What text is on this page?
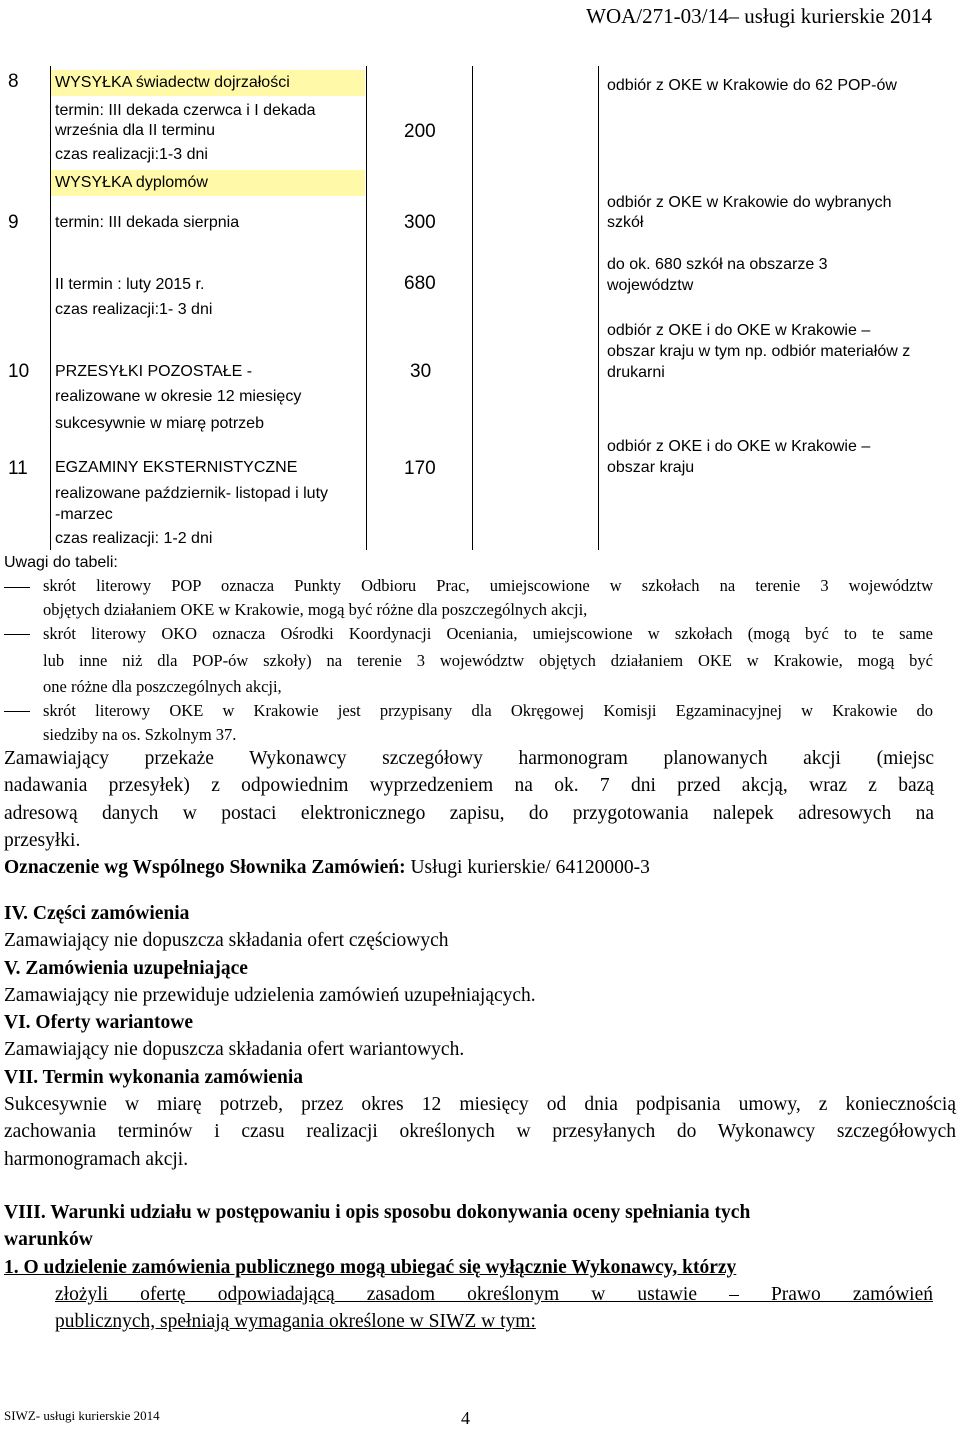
WOA/271-03/14– usługi kurierskie 2014
8 WYSYŁKA świadectw dojrzałości
termin: III dekada czerwca i I dekada
września dla II terminu
czas realizacji:1-3 dni
200
odbiór z OKE w Krakowie do 62 POP-ów
9
WYSYŁKA dyplomów
termin: III dekada sierpnia
II termin : luty 2015 r.
czas realizacji:1- 3 dni
300
680
odbiór z OKE w Krakowie do wybranych
szkół
do ok. 680 szkół na obszarze 3
województw
10 PRZESYŁKI POZOSTAŁE -
realizowane w okresie 12 miesięcy
sukcesywnie w miarę potrzeb
30
odbiór z OKE i do OKE w Krakowie –
obszar kraju w tym np. odbiór materiałów z
drukarni
11 EGZAMINY EKSTERNISTYCZNE
realizowane październik- listopad i luty
-marzec
czas realizacji: 1-2 dni
170
odbiór z OKE i do OKE w Krakowie –
obszar kraju
Uwagi do tabeli:
skrót literowy POP oznacza Punkty Odbioru Prac, umiejscowione w szkołach na terenie 3 województw
objętych działaniem OKE w Krakowie, mogą być różne dla poszczególnych akcji,
skrót literowy OKO oznacza Ośrodki Koordynacji Oceniania, umiejscowione w szkołach (mogą być to te same
lub inne niż dla POP-ów szkoły) na terenie 3 województw objętych działaniem OKE w Krakowie, mogą być
one różne dla poszczególnych akcji,
skrót literowy OKE w Krakowie jest przypisany dla Okręgowej Komisji Egzaminacyjnej w Krakowie do
siedziby na os. Szkolnym 37.
Zamawiający przekaże Wykonawcy szczegółowy harmonogram planowanych akcji (miejsc
nadawania przesyłek) z odpowiednim wyprzedzeniem na ok. 7 dni przed akcją, wraz z bazą
adresową danych w postaci elektronicznego zapisu, do przygotowania nalepek adresowych na
przesyłki.
Oznaczenie wg Wspólnego Słownika Zamówień: Usługi kurierskie/ 64120000-3
IV. Części zamówienia
Zamawiający nie dopuszcza składania ofert częściowych
V. Zamówienia uzupełniające
Zamawiający nie przewiduje udzielenia zamówień uzupełniających.
VI. Oferty wariantowe
Zamawiający nie dopuszcza składania ofert wariantowych.
VII. Termin wykonania zamówienia
Sukcesywnie w miarę potrzeb, przez okres 12 miesięcy od dnia podpisania umowy, z koniecznością
zachowania terminów i czasu realizacji określonych w przesyłanych do Wykonawcy szczegółowych
harmonogramach akcji.
VIII. Warunki udziału w postępowaniu i opis sposobu dokonywania oceny spełniania tych
warunków
1. O udzielenie zamówienia publicznego mogą ubiegać się wyłącznie Wykonawcy, którzy
złożyli ofertę odpowiadającą zasadom określonym w ustawie – Prawo zamówień
publicznych, spełniają wymagania określone w SIWZ w tym:
SIWZ- usługi kurierskie 2014	4
